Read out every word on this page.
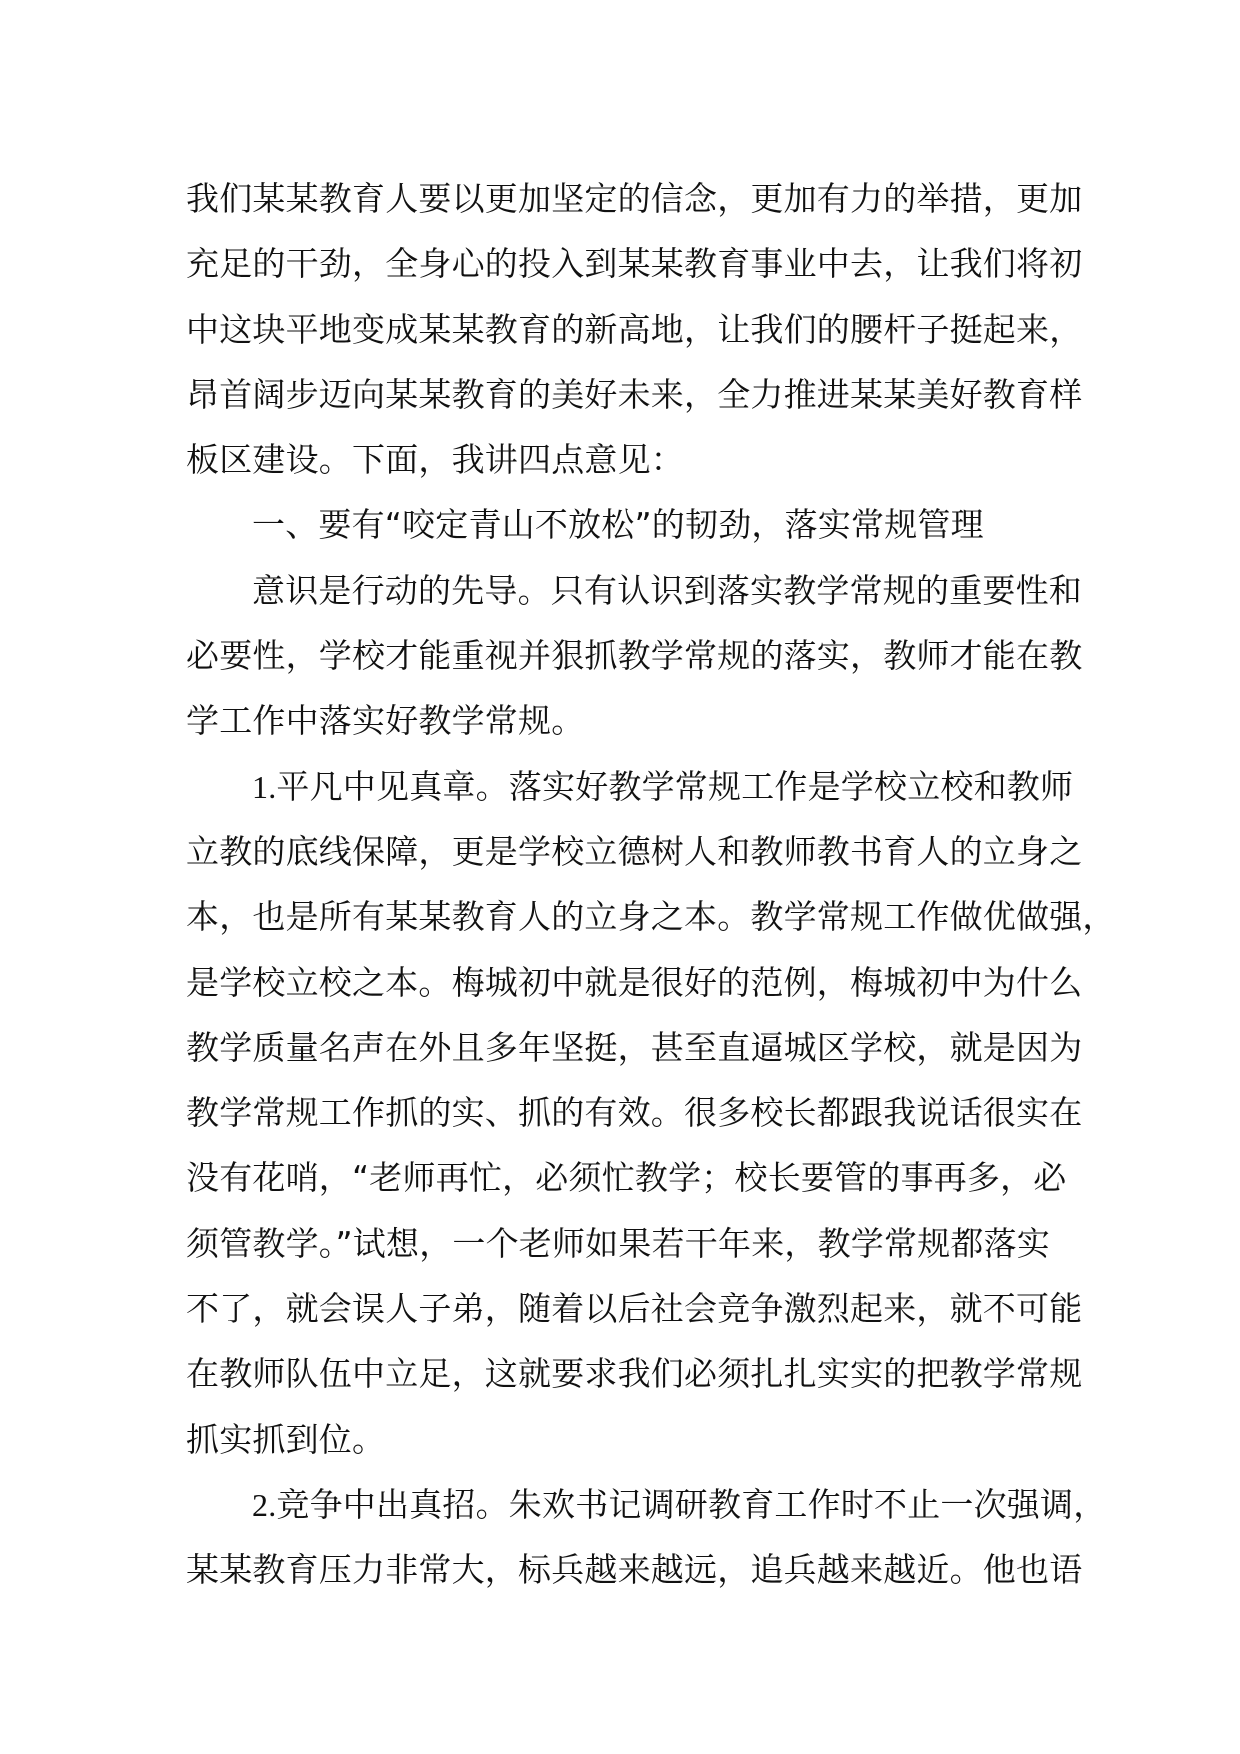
我们某某教育人要以更加坚定的信念，更加有力的举措，更加
充足的干劲，全身心的投入到某某教育事业中去，让我们将初
中这块平地变成某某教育的新高地，让我们的腰杆子挺起来，
昂首阔步迈向某某教育的美好未来，全力推进某某美好教育样
板区建设。下面，我讲四点意见：
一、要有“咬定青山不放松”的韧劲，落实常规管理
意识是行动的先导。只有认识到落实教学常规的重要性和
必要性，学校才能重视并狠抓教学常规的落实，教师才能在教
学工作中落实好教学常规。
1.平凡中见真章。落实好教学常规工作是学校立校和教师
立教的底线保障，更是学校立德树人和教师教书育人的立身之
本，也是所有某某教育人的立身之本。教学常规工作做优做强，
是学校立校之本。梅城初中就是很好的范例，梅城初中为什么
教学质量名声在外且多年坚挺，甚至直逼城区学校，就是因为
教学常规工作抓的实、抓的有效。很多校长都跟我说话很实在
没有花哨，“老师再忙，必须忙教学；校长要管的事再多，必
须管教学。”试想，一个老师如果若干年来，教学常规都落实
不了，就会误人子弟，随着以后社会竞争激烈起来，就不可能
在教师队伍中立足，这就要求我们必须扎扎实实的把教学常规
抓实抓到位。
2.竞争中出真招。朱欢书记调研教育工作时不止一次强调，
某某教育压力非常大，标兵越来越远，追兵越来越近。他也语
